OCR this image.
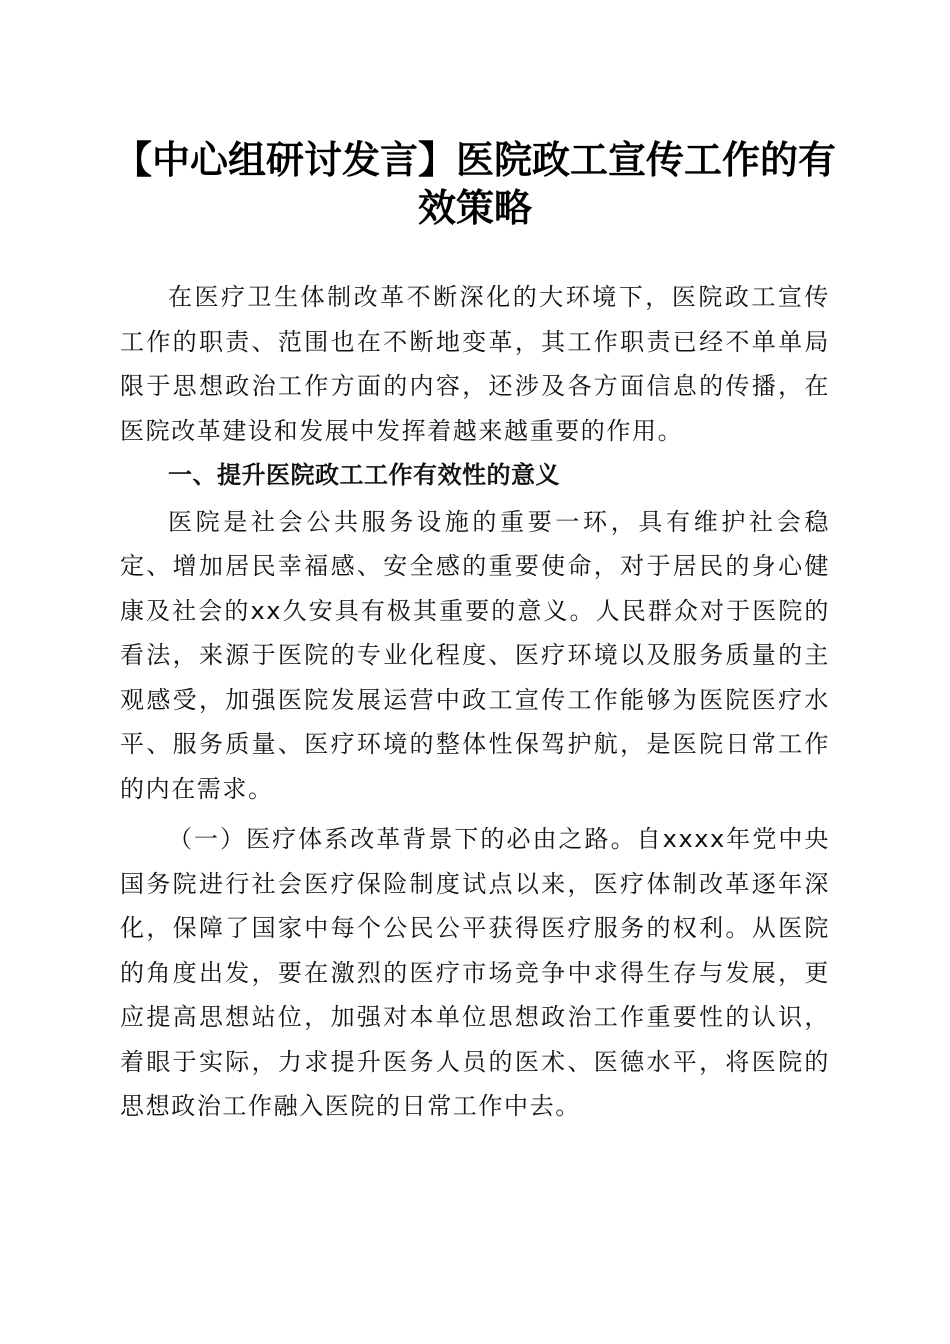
【中心组研讨发言】医院政工宣传工作的有效策略

在医疗卫生体制改革不断深化的大环境下，医院政工宣传工作的职责、范围也在不断地变革，其工作职责已经不单单局限于思想政治工作方面的内容，还涉及各方面信息的传播，在医院改革建设和发展中发挥着越来越重要的作用。

一、提升医院政工工作有效性的意义

医院是社会公共服务设施的重要一环，具有维护社会稳定、增加居民幸福感、安全感的重要使命，对于居民的身心健康及社会的xx久安具有极其重要的意义。人民群众对于医院的看法，来源于医院的专业化程度、医疗环境以及服务质量的主观感受，加强医院发展运营中政工宣传工作能够为医院医疗水平、服务质量、医疗环境的整体性保驾护航，是医院日常工作的内在需求。

（一）医疗体系改革背景下的必由之路。自xxxx年党中央国务院进行社会医疗保险制度试点以来，医疗体制改革逐年深化，保障了国家中每个公民公平获得医疗服务的权利。从医院的角度出发，要在激烈的医疗市场竞争中求得生存与发展，更应提高思想站位，加强对本单位思想政治工作重要性的认识，着眼于实际，力求提升医务人员的医术、医德水平，将医院的思想政治工作融入医院的日常工作中去。
